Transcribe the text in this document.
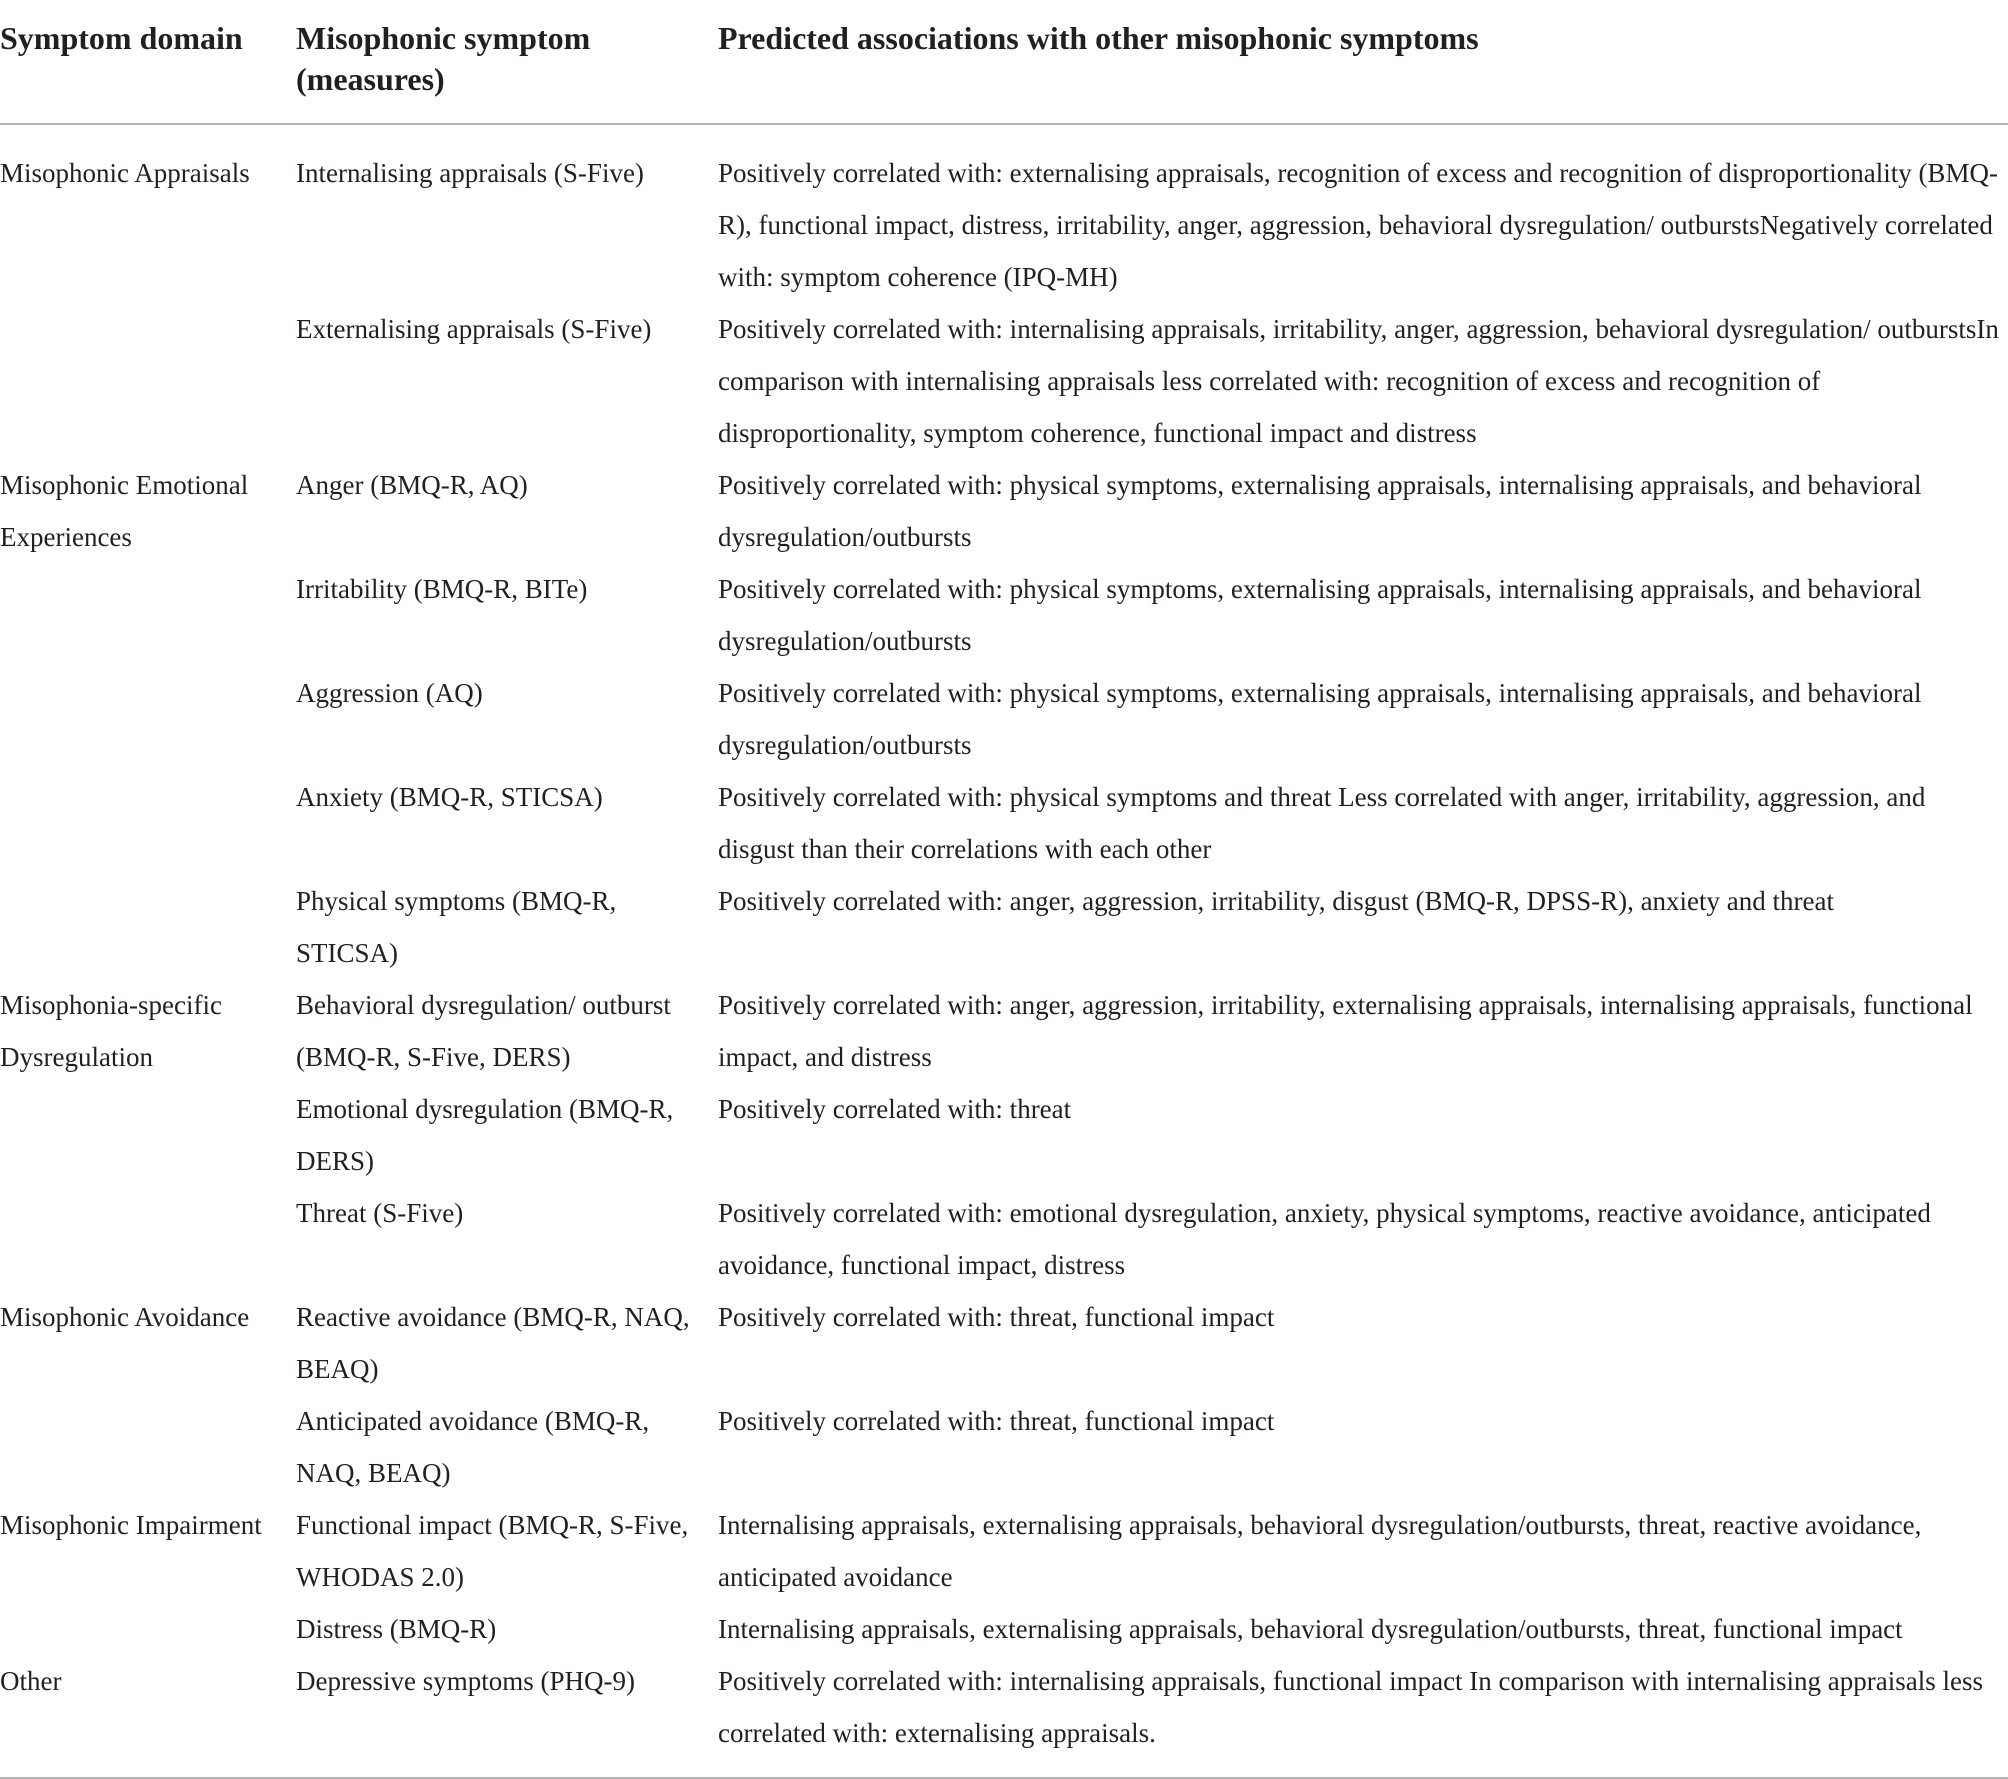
Symptom domain	Misophonic symptom (measures)	Predicted associations with other misophonic symptoms
Misophonic Appraisals	Internalising appraisals (S-Five)	Positively correlated with: externalising appraisals, recognition of excess and recognition of disproportionality (BMQ-R), functional impact, distress, irritability, anger, aggression, behavioral dysregulation/ outburstsNegatively correlated with: symptom coherence (IPQ-MH)
	Externalising appraisals (S-Five)	Positively correlated with: internalising appraisals, irritability, anger, aggression, behavioral dysregulation/ outburstsIn comparison with internalising appraisals less correlated with: recognition of excess and recognition of disproportionality, symptom coherence, functional impact and distress
Misophonic Emotional Experiences	Anger (BMQ-R, AQ)	Positively correlated with: physical symptoms, externalising appraisals, internalising appraisals, and behavioral dysregulation/outbursts
	Irritability (BMQ-R, BITe)	Positively correlated with: physical symptoms, externalising appraisals, internalising appraisals, and behavioral dysregulation/outbursts
	Aggression (AQ)	Positively correlated with: physical symptoms, externalising appraisals, internalising appraisals, and behavioral dysregulation/outbursts
	Anxiety (BMQ-R, STICSA)	Positively correlated with: physical symptoms and threat Less correlated with anger, irritability, aggression, and disgust than their correlations with each other
	Physical symptoms (BMQ-R, STICSA)	Positively correlated with: anger, aggression, irritability, disgust (BMQ-R, DPSS-R), anxiety and threat
Misophonia-specific Dysregulation	Behavioral dysregulation/ outburst (BMQ-R, S-Five, DERS)	Positively correlated with: anger, aggression, irritability, externalising appraisals, internalising appraisals, functional impact, and distress
	Emotional dysregulation (BMQ-R, DERS)	Positively correlated with: threat
	Threat (S-Five)	Positively correlated with: emotional dysregulation, anxiety, physical symptoms, reactive avoidance, anticipated avoidance, functional impact, distress
Misophonic Avoidance	Reactive avoidance (BMQ-R, NAQ, BEAQ)	Positively correlated with: threat, functional impact
	Anticipated avoidance (BMQ-R, NAQ, BEAQ)	Positively correlated with: threat, functional impact
Misophonic Impairment	Functional impact (BMQ-R, S-Five, WHODAS 2.0)	Internalising appraisals, externalising appraisals, behavioral dysregulation/outbursts, threat, reactive avoidance, anticipated avoidance
	Distress (BMQ-R)	Internalising appraisals, externalising appraisals, behavioral dysregulation/outbursts, threat, functional impact
Other	Depressive symptoms (PHQ-9)	Positively correlated with: internalising appraisals, functional impact In comparison with internalising appraisals less correlated with: externalising appraisals.
